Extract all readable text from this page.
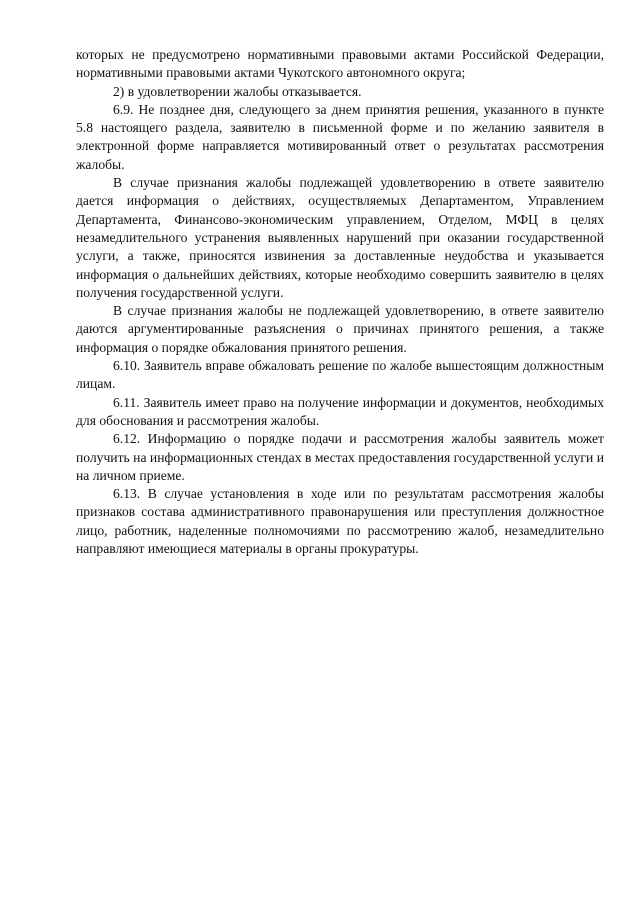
которых не предусмотрено нормативными правовыми актами Российской Федерации, нормативными правовыми актами Чукотского автономного округа;

2) в удовлетворении жалобы отказывается.

6.9. Не позднее дня, следующего за днем принятия решения, указанного в пункте 5.8 настоящего раздела, заявителю в письменной форме и по желанию заявителя в электронной форме направляется мотивированный ответ о результатах рассмотрения жалобы.

В случае признания жалобы подлежащей удовлетворению в ответе заявителю дается информация о действиях, осуществляемых Департаментом, Управлением Департамента, Финансово-экономическим управлением, Отделом, МФЦ в целях незамедлительного устранения выявленных нарушений при оказании государственной услуги, а также, приносятся извинения за доставленные неудобства и указывается информация о дальнейших действиях, которые необходимо совершить заявителю в целях получения государственной услуги.

В случае признания жалобы не подлежащей удовлетворению, в ответе заявителю даются аргументированные разъяснения о причинах принятого решения, а также информация о порядке обжалования принятого решения.

6.10. Заявитель вправе обжаловать решение по жалобе вышестоящим должностным лицам.

6.11. Заявитель имеет право на получение информации и документов, необходимых для обоснования и рассмотрения жалобы.

6.12. Информацию о порядке подачи и рассмотрения жалобы заявитель может получить на информационных стендах в местах предоставления государственной услуги и на личном приеме.

6.13. В случае установления в ходе или по результатам рассмотрения жалобы признаков состава административного правонарушения или преступления должностное лицо, работник, наделенные полномочиями по рассмотрению жалоб, незамедлительно направляют имеющиеся материалы в органы прокуратуры.
